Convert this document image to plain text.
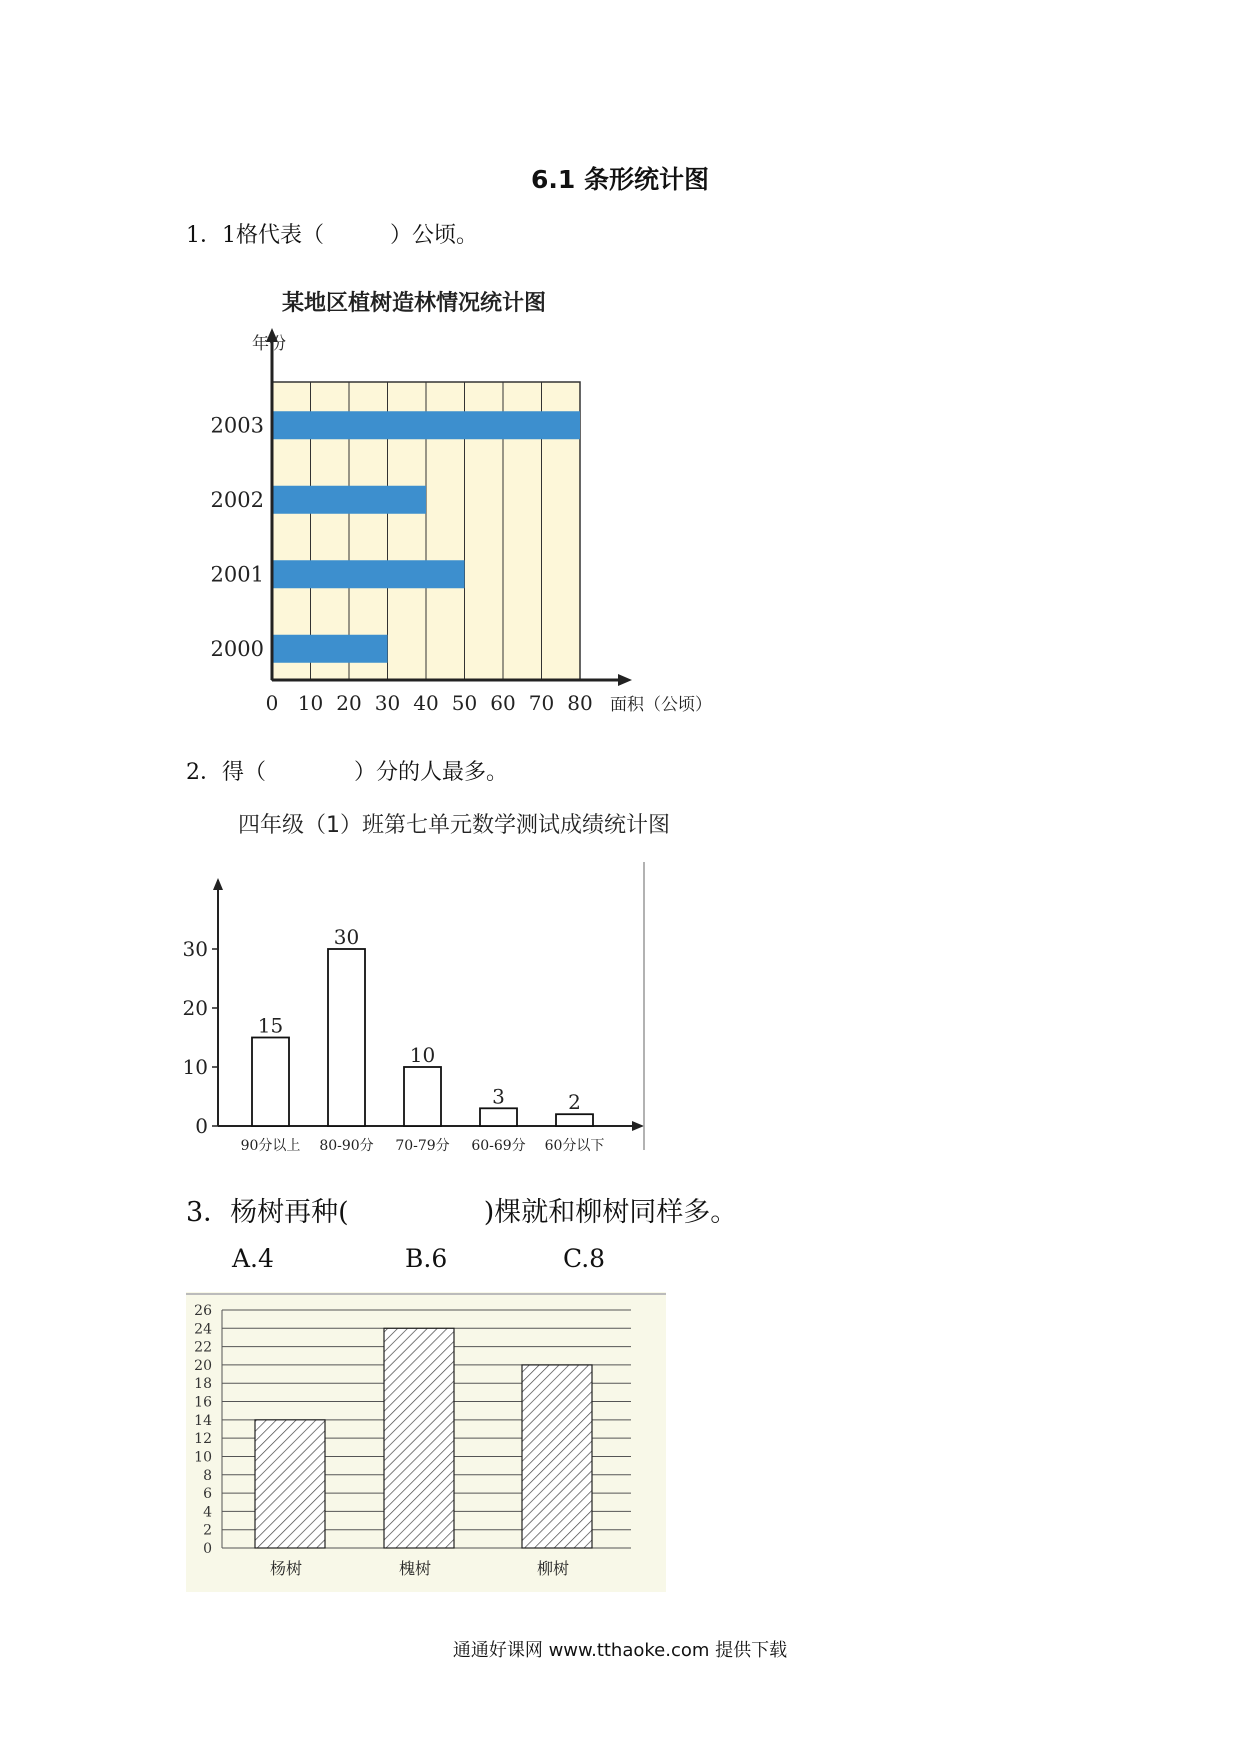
6.1 条形统计图
1．1格代表（　　　）公顷。
某地区植树造林情况统计图
2003
2002
2001
2000
0 10 20 30 40 50 60 70 80 面积（公顷）
年份
2．得（　　　　）分的人最多。
四年级（1）班第七单元数学测试成绩统计图
0
10
20
30
15
90分以上
30
80-90分
10
70-79分
3
60-69分
2
60分以下
3．杨树再种(　　　　　)棵就和柳树同样多。
A.4	B.6	C.8
0
2
4
6
8
10
12
14
16
18
20
22
24
26
杨树	槐树	柳树
通通好课网 www.tthaoke.com 提供下载
